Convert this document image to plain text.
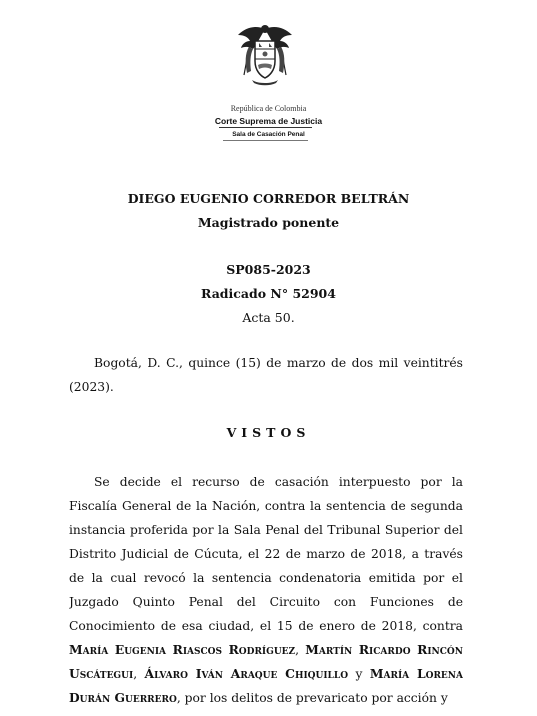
República de Colombia
Corte Suprema de Justicia
Sala de Casación Penal
DIEGO EUGENIO CORREDOR BELTRÁN
Magistrado ponente
SP085-2023
Radicado N° 52904
Acta 50.

Bogotá, D. C., quince (15) de marzo de dos mil veintitrés (2023).

VISTOS

Se decide el recurso de casación interpuesto por la Fiscalía General de la Nación, contra la sentencia de segunda instancia proferida por la Sala Penal del Tribunal Superior del Distrito Judicial de Cúcuta, el 22 de marzo de 2018, a través de la cual revocó la sentencia condenatoria emitida por el Juzgado Quinto Penal del Circuito con Funciones de Conocimiento de esa ciudad, el 15 de enero de 2018, contra María Eugenia Riascos Rodríguez, Martín Ricardo Rincón Uscátegui, Álvaro Iván Araque Chiquillo y María Lorena Durán Guerrero, por los delitos de prevaricato por acción y
